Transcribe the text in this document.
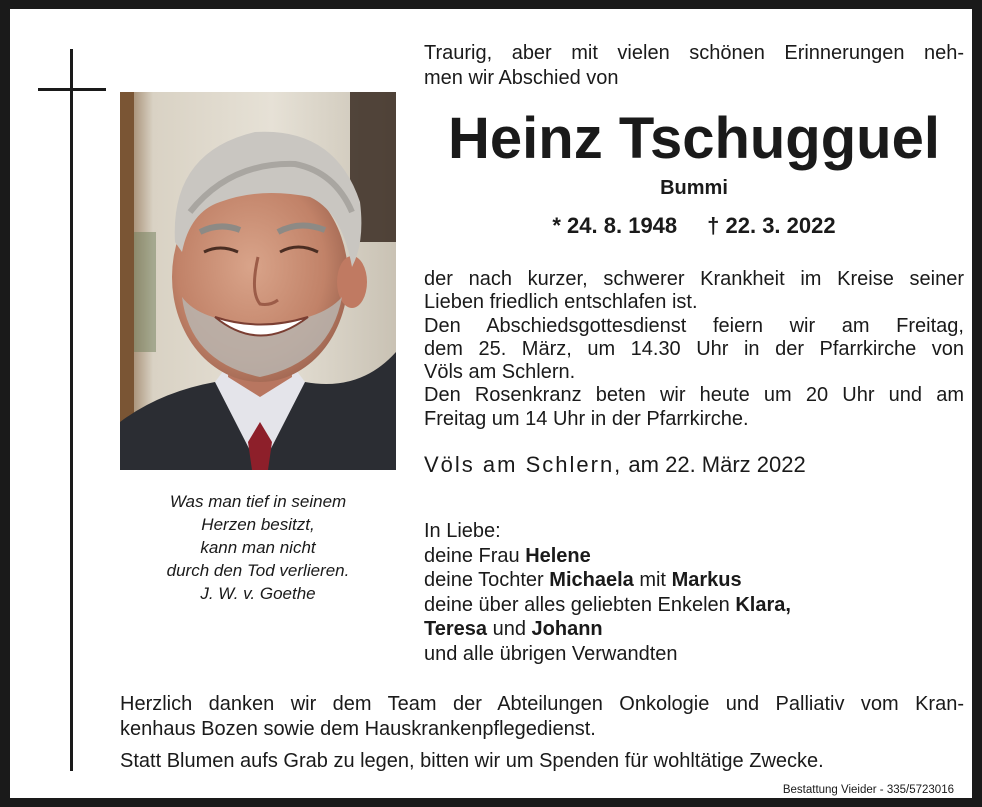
Was man tief in seinem
Herzen besitzt,
kann man nicht
durch den Tod verlieren.
J. W. v. Goethe
Traurig, aber mit vielen schönen Erinnerungen neh-
men wir Abschied von
Heinz Tschugguel
Bummi
* 24. 8. 1948 † 22. 3. 2022
der nach kurzer, schwerer Krankheit im Kreise seiner
Lieben friedlich entschlafen ist.
Den Abschiedsgottesdienst feiern wir am Freitag,
dem 25. März, um 14.30 Uhr in der Pfarrkirche von
Völs am Schlern.
Den Rosenkranz beten wir heute um 20 Uhr und am
Freitag um 14 Uhr in der Pfarrkirche.
Völs am Schlern, am 22. März 2022
In Liebe:
deine Frau Helene
deine Tochter Michaela mit Markus
deine über alles geliebten Enkelen Klara,
Teresa und Johann
und alle übrigen Verwandten
Herzlich danken wir dem Team der Abteilungen Onkologie und Palliativ vom Kran-
kenhaus Bozen sowie dem Hauskrankenpflegedienst.
Statt Blumen aufs Grab zu legen, bitten wir um Spenden für wohltätige Zwecke.
Bestattung Vieider - 335/5723016
